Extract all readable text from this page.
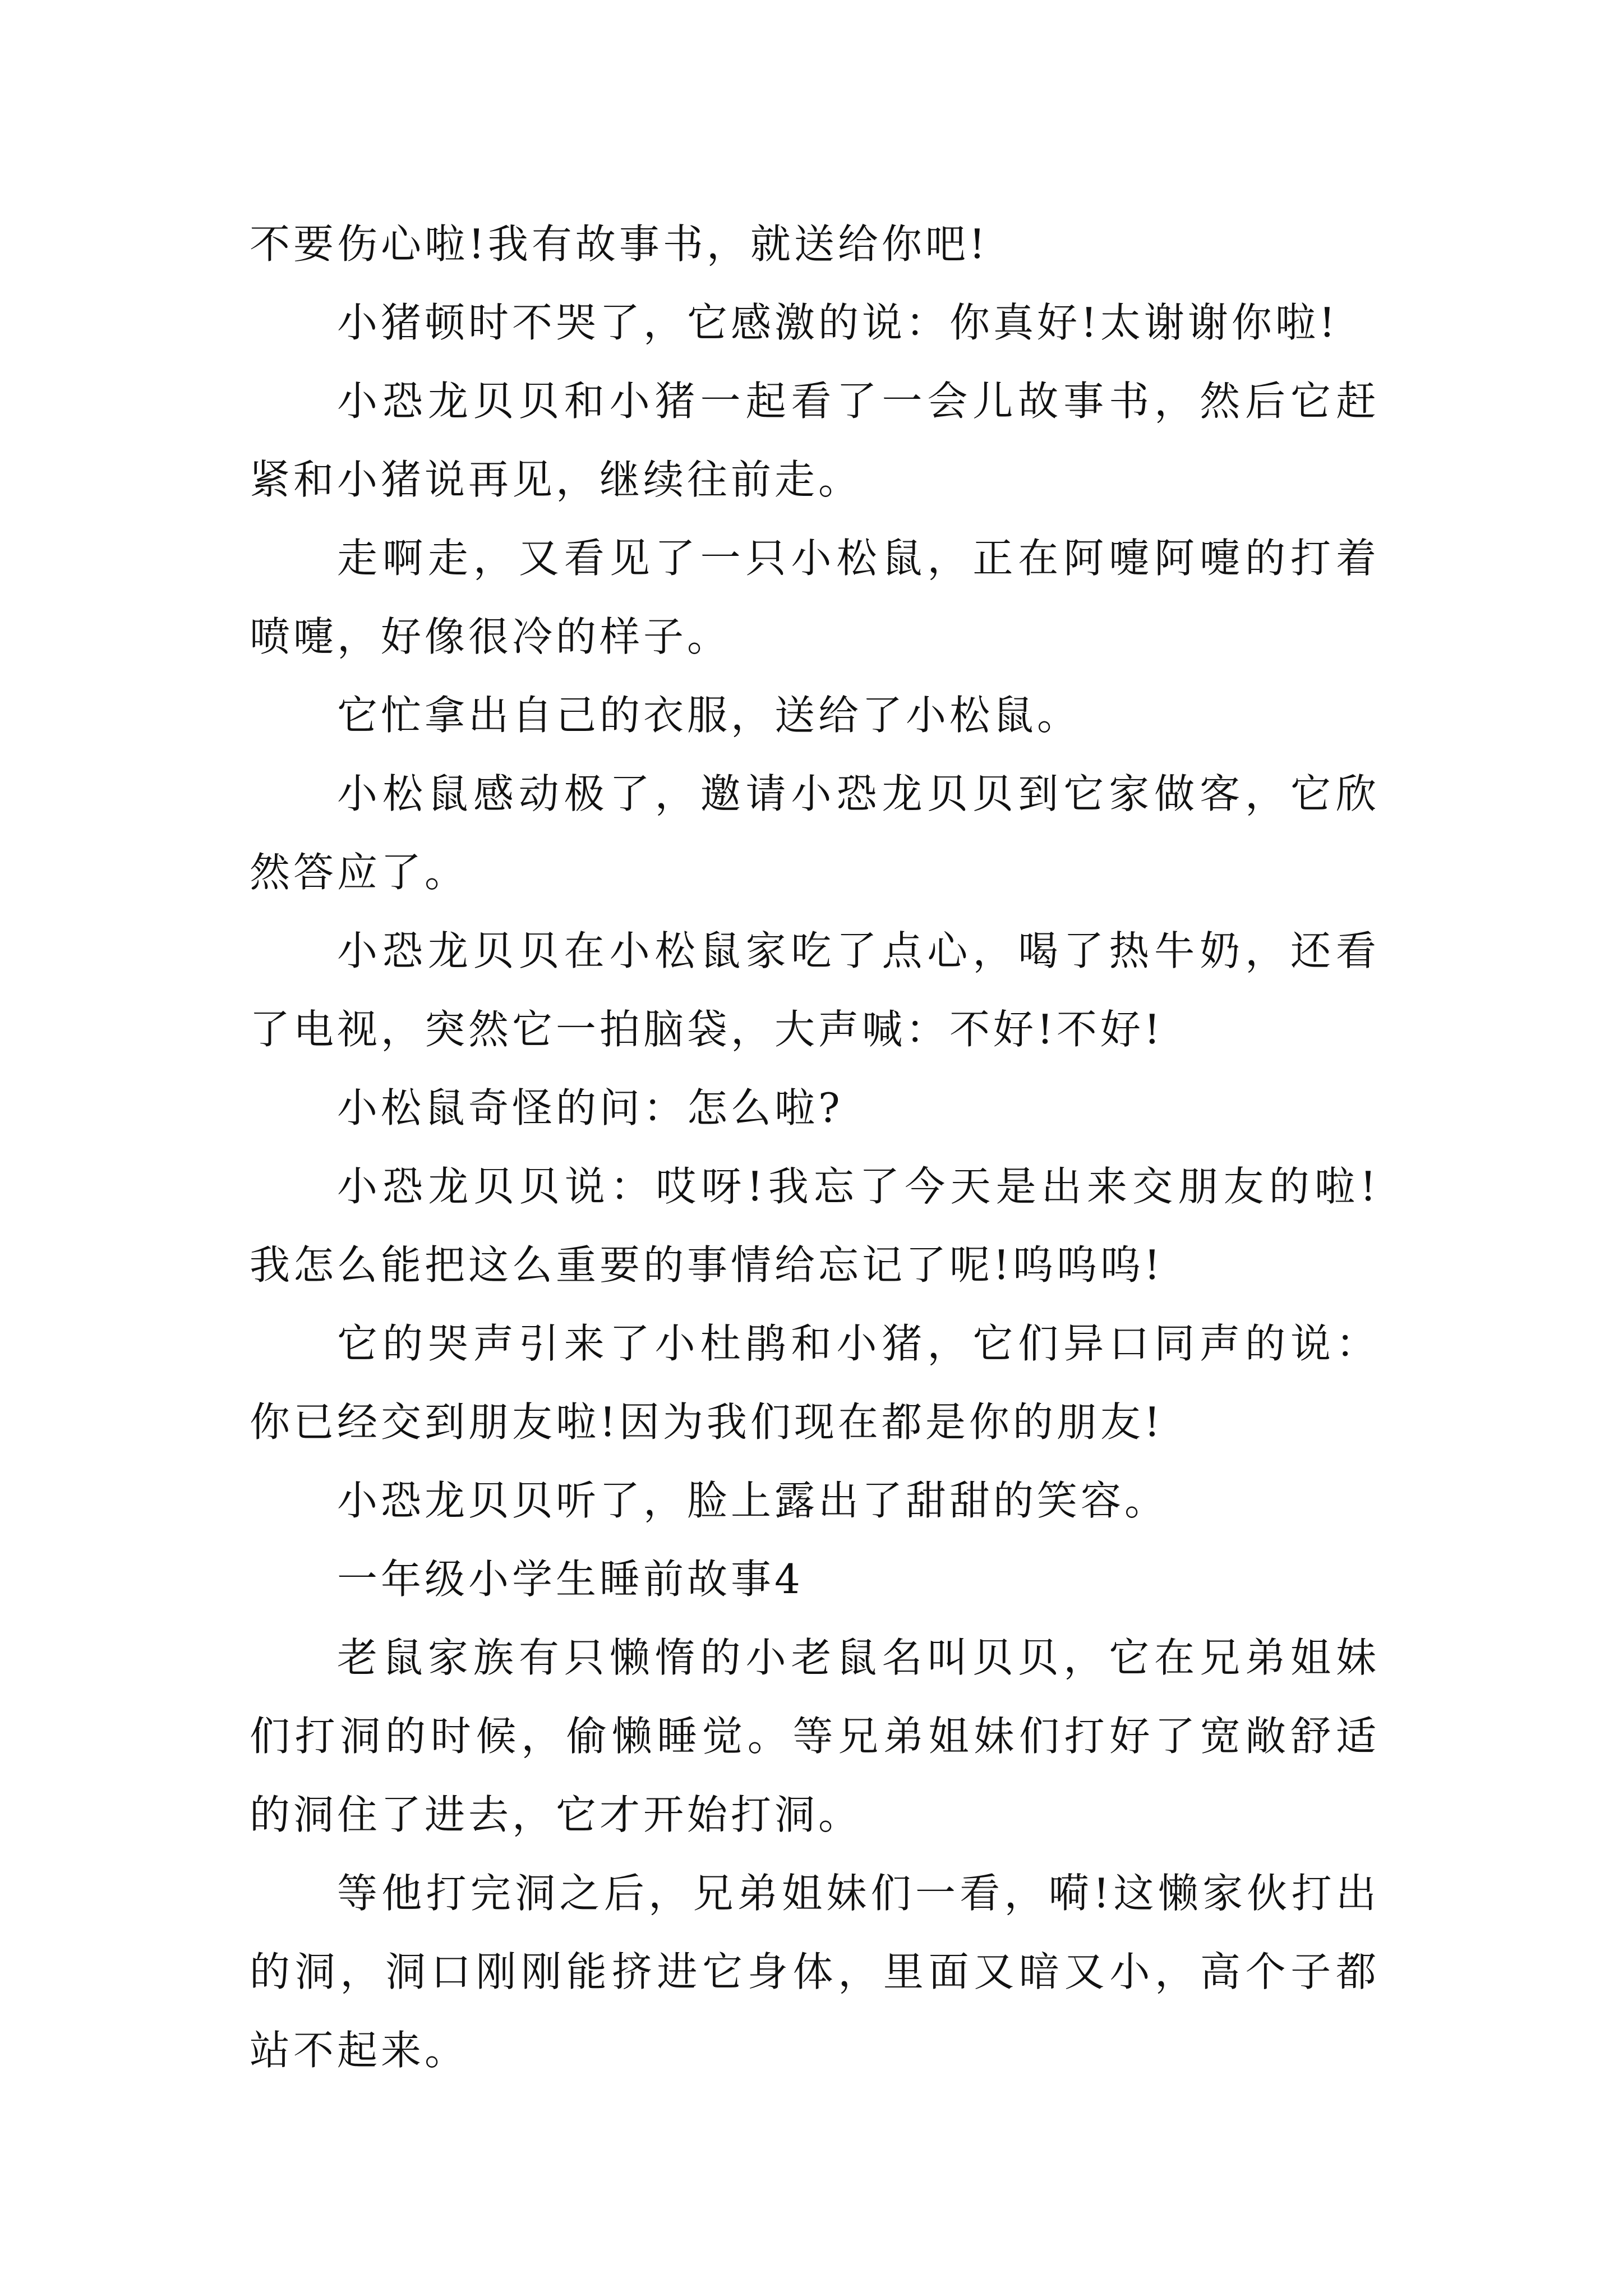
不要伤心啦!我有故事书，就送给你吧!

小猪顿时不哭了，它感激的说：你真好!太谢谢你啦!

小恐龙贝贝和小猪一起看了一会儿故事书，然后它赶紧和小猪说再见，继续往前走。

走啊走，又看见了一只小松鼠，正在阿嚏阿嚏的打着喷嚏，好像很冷的样子。

它忙拿出自己的衣服，送给了小松鼠。

小松鼠感动极了，邀请小恐龙贝贝到它家做客，它欣然答应了。

小恐龙贝贝在小松鼠家吃了点心，喝了热牛奶，还看了电视，突然它一拍脑袋，大声喊：不好!不好!

小松鼠奇怪的问：怎么啦?

小恐龙贝贝说：哎呀!我忘了今天是出来交朋友的啦!我怎么能把这么重要的事情给忘记了呢!呜呜呜!

它的哭声引来了小杜鹃和小猪，它们异口同声的说：你已经交到朋友啦!因为我们现在都是你的朋友!

小恐龙贝贝听了，脸上露出了甜甜的笑容。

一年级小学生睡前故事4

老鼠家族有只懒惰的小老鼠名叫贝贝，它在兄弟姐妹们打洞的时候，偷懒睡觉。等兄弟姐妹们打好了宽敞舒适的洞住了进去，它才开始打洞。

等他打完洞之后，兄弟姐妹们一看，嗬!这懒家伙打出的洞，洞口刚刚能挤进它身体，里面又暗又小，高个子都站不起来。
